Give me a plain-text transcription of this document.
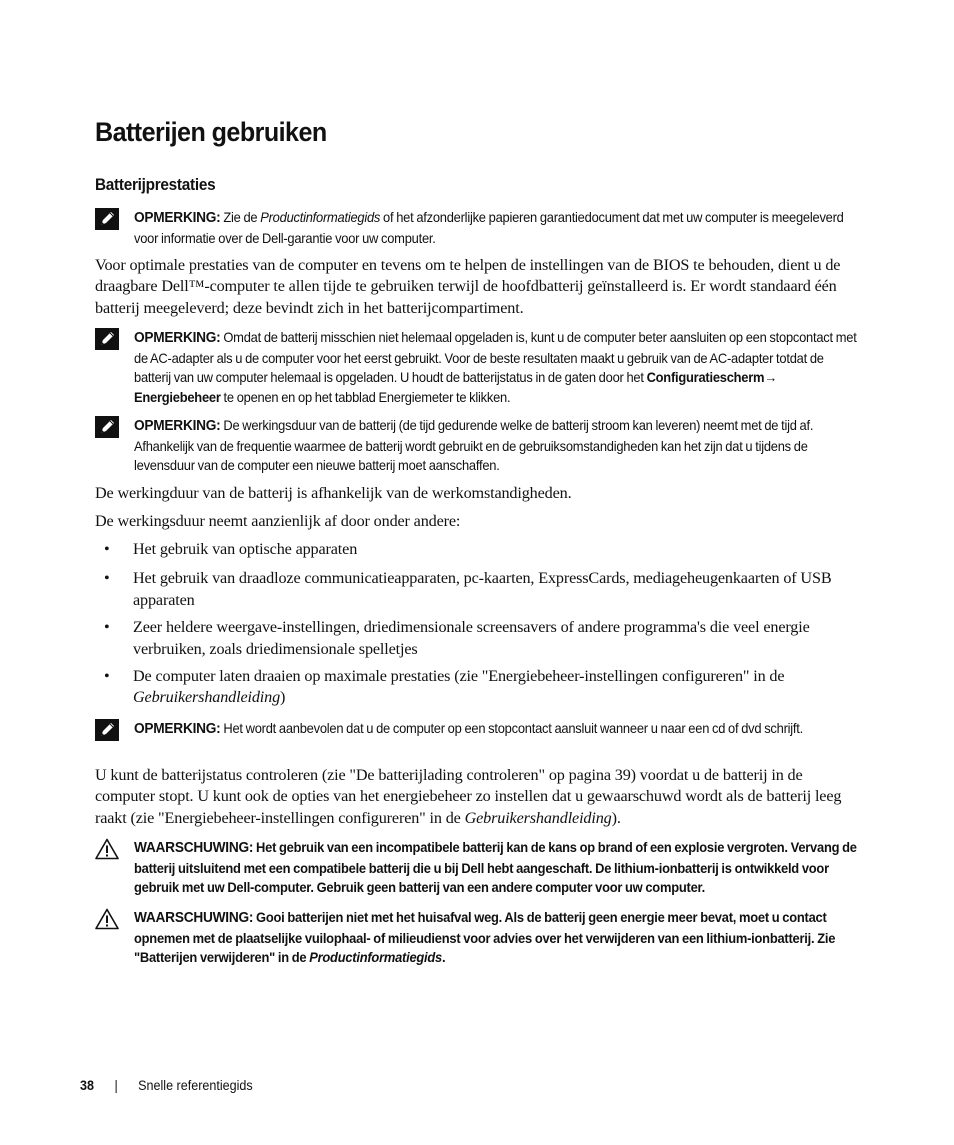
Batterijen gebruiken
Batterijprestaties
OPMERKING: Zie de Productinformatiegids of het afzonderlijke papieren garantiedocument dat met uw computer is meegeleverd voor informatie over de Dell-garantie voor uw computer.
Voor optimale prestaties van de computer en tevens om te helpen de instellingen van de BIOS te behouden, dient u de draagbare Dell™-computer te allen tijde te gebruiken terwijl de hoofdbatterij geïnstalleerd is. Er wordt standaard één batterij meegeleverd; deze bevindt zich in het batterijcompartiment.
OPMERKING: Omdat de batterij misschien niet helemaal opgeladen is, kunt u de computer beter aansluiten op een stopcontact met de AC-adapter als u de computer voor het eerst gebruikt. Voor de beste resultaten maakt u gebruik van de AC-adapter totdat de batterij van uw computer helemaal is opgeladen. U houdt de batterijstatus in de gaten door het Configuratiescherm→ Energiebeheer te openen en op het tabblad Energiemeter te klikken.
OPMERKING: De werkingsduur van de batterij (de tijd gedurende welke de batterij stroom kan leveren) neemt met de tijd af. Afhankelijk van de frequentie waarmee de batterij wordt gebruikt en de gebruiksomstandigheden kan het zijn dat u tijdens de levensduur van de computer een nieuwe batterij moet aanschaffen.
De werkingduur van de batterij is afhankelijk van de werkomstandigheden.
De werkingsduur neemt aanzienlijk af door onder andere:
• Het gebruik van optische apparaten
• Het gebruik van draadloze communicatieapparaten, pc-kaarten, ExpressCards, mediageheugenkaarten of USB apparaten
• Zeer heldere weergave-instellingen, driedimensionale screensavers of andere programma's die veel energie verbruiken, zoals driedimensionale spelletjes
• De computer laten draaien op maximale prestaties (zie "Energiebeheer-instellingen configureren" in de Gebruikershandleiding)
OPMERKING: Het wordt aanbevolen dat u de computer op een stopcontact aansluit wanneer u naar een cd of dvd schrijft.
U kunt de batterijstatus controleren (zie "De batterijlading controleren" op pagina 39) voordat u de batterij in de computer stopt. U kunt ook de opties van het energiebeheer zo instellen dat u gewaarschuwd wordt als de batterij leeg raakt (zie "Energiebeheer-instellingen configureren" in de Gebruikershandleiding).
WAARSCHUWING: Het gebruik van een incompatibele batterij kan de kans op brand of een explosie vergroten. Vervang de batterij uitsluitend met een compatibele batterij die u bij Dell hebt aangeschaft. De lithium-ionbatterij is ontwikkeld voor gebruik met uw Dell-computer. Gebruik geen batterij van een andere computer voor uw computer.
WAARSCHUWING: Gooi batterijen niet met het huisafval weg. Als de batterij geen energie meer bevat, moet u contact opnemen met de plaatselijke vuilophaal- of milieudienst voor advies over het verwijderen van een lithium-ionbatterij. Zie "Batterijen verwijderen" in de Productinformatiegids.
38 | Snelle referentiegids
